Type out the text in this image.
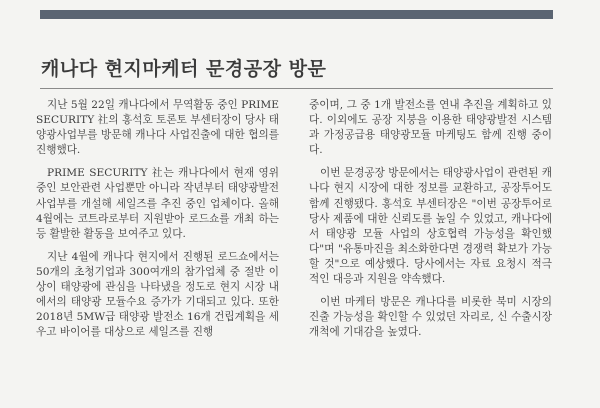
캐나다 현지마케터 문경공장 방문

지난 5월 22일 캐나다에서 무역활동 중인 PRIME SECURITY 社의 홍석호 토론토 부센터장이 당사 태양광사업부를 방문해 캐나다 사업진출에 대한 협의를 진행했다.

PRIME SECURITY 社는 캐나다에서 현재 영위중인 보안관련 사업뿐만 아니라 작년부터 태양광발전 사업부를 개설해 세일즈를 추진 중인 업체이다. 올해 4월에는 코트라로부터 지원받아 로드쇼를 개최 하는 등 활발한 활동을 보여주고 있다.

지난 4월에 캐나다 현지에서 진행된 로드쇼에서는 50개의 초청기업과 300여개의 참가업체 중 절반 이상이 태양광에 관심을 나타냈을 정도로 현지 시장 내에서의 태양광 모듈수요 증가가 기대되고 있다. 또한 2018년 5MW급 태양광 발전소 16개 건립계획을 세우고 바이어를 대상으로 세일즈를 진행

중이며, 그 중 1개 발전소를 연내 추진을 계획하고 있다. 이외에도 공장 지붕을 이용한 태양광발전 시스템과 가정공급용 태양광모듈 마케팅도 함께 진행 중이다.

이번 문경공장 방문에서는 태양광사업이 관련된 캐나다 현지 시장에 대한 정보를 교환하고, 공장투어도 함께 진행됐다. 홍석호 부센터장은 "이번 공장투어로 당사 제품에 대한 신뢰도를 높일 수 있었고, 캐나다에서 태양광 모듈 사업의 상호협력 가능성을 확인했다"며 "유통마진을 최소화한다면 경쟁력 확보가 가능할 것"으로 예상했다. 당사에서는 자료 요청시 적극적인 대응과 지원을 약속했다.

이번 마케터 방문은 캐나다를 비롯한 북미 시장의 진출 가능성을 확인할 수 있었던 자리로, 신 수출시장 개척에 기대감을 높였다.
